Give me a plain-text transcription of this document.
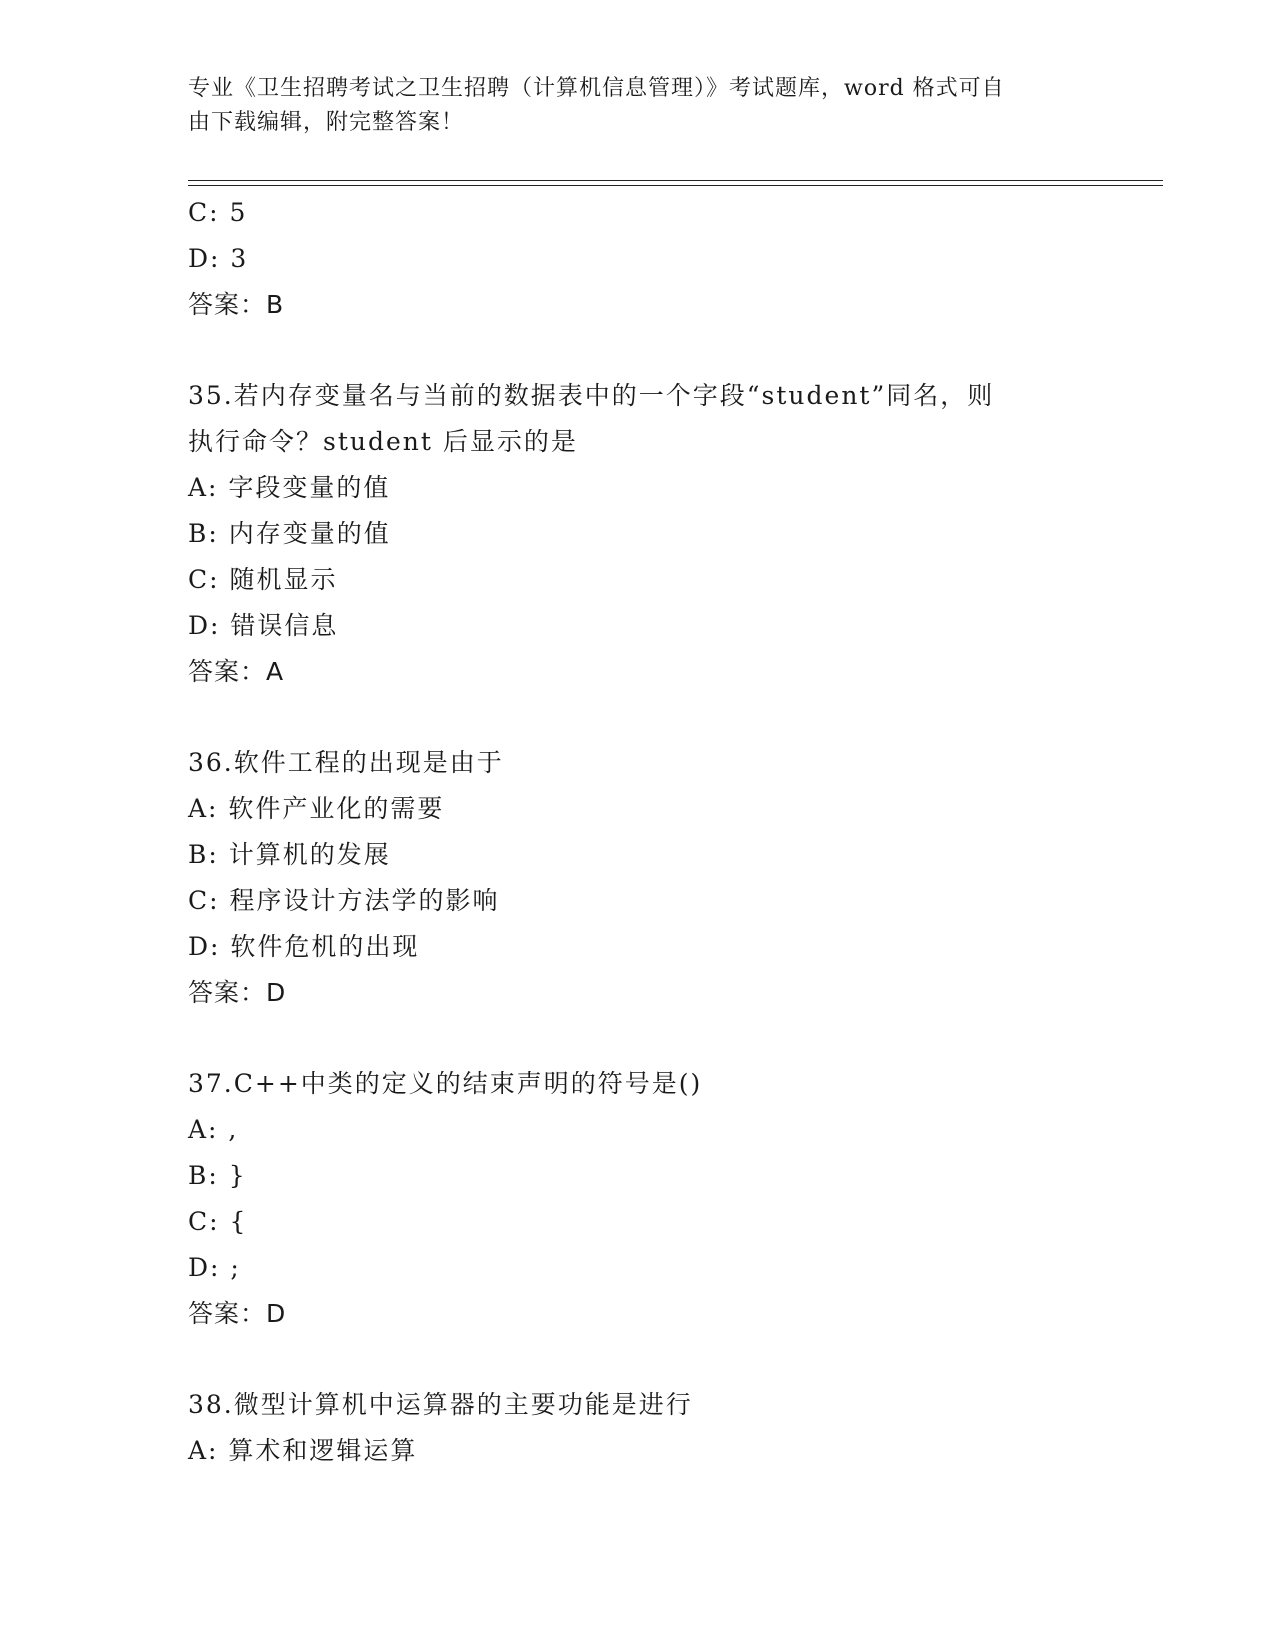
专业《卫生招聘考试之卫生招聘（计算机信息管理）》考试题库，word 格式可自
由下载编辑，附完整答案！
C: 5
D: 3
答案：B
35.若内存变量名与当前的数据表中的一个字段“student”同名，则
执行命令？student 后显示的是
A: 字段变量的值
B: 内存变量的值
C: 随机显示
D: 错误信息
答案：A
36.软件工程的出现是由于
A: 软件产业化的需要
B: 计算机的发展
C: 程序设计方法学的影响
D: 软件危机的出现
答案：D
37.C++中类的定义的结束声明的符号是()
A: ,
B: }
C: {
D: ;
答案：D
38.微型计算机中运算器的主要功能是进行
A: 算术和逻辑运算
